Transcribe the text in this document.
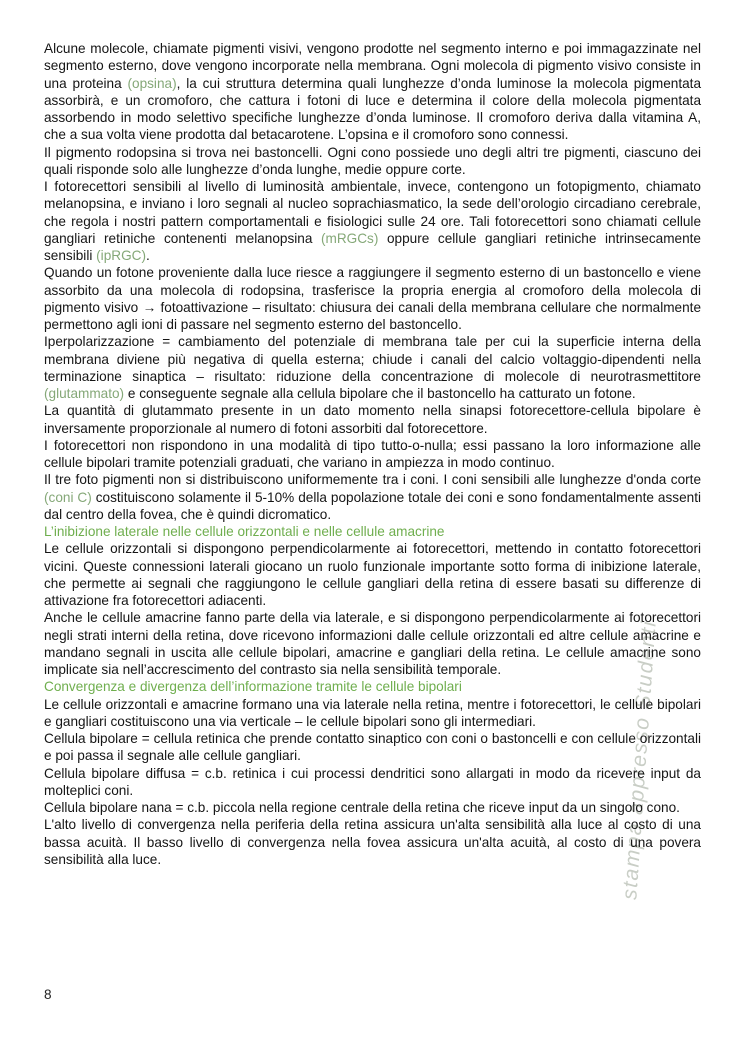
stampa appresso Studenti

Alcune molecole, chiamate pigmenti visivi, vengono prodotte nel segmento interno e poi immagazzinate nel segmento esterno, dove vengono incorporate nella membrana. Ogni molecola di pigmento visivo consiste in una proteina (opsina), la cui struttura determina quali lunghezze d’onda luminose la molecola pigmentata assorbirà, e un cromoforo, che cattura i fotoni di luce e determina il colore della molecola pigmentata assorbendo in modo selettivo specifiche lunghezze d’onda luminose. Il cromoforo deriva dalla vitamina A, che a sua volta viene prodotta dal betacarotene. L’opsina e il cromoforo sono connessi.

Il pigmento rodopsina si trova nei bastoncelli. Ogni cono possiede uno degli altri tre pigmenti, ciascuno dei quali risponde solo alle lunghezze d’onda lunghe, medie oppure corte.

I fotorecettori sensibili al livello di luminosità ambientale, invece, contengono un fotopigmento, chiamato melanopsina, e inviano i loro segnali al nucleo soprachiasmatico, la sede dell’orologio circadiano cerebrale, che regola i nostri pattern comportamentali e fisiologici sulle 24 ore. Tali fotorecettori sono chiamati cellule gangliari retiniche contenenti melanopsina (mRGCs) oppure cellule gangliari retiniche intrinsecamente sensibili (ipRGC).

Quando un fotone proveniente dalla luce riesce a raggiungere il segmento esterno di un bastoncello e viene assorbito da una molecola di rodopsina, trasferisce la propria energia al cromoforo della molecola di pigmento visivo → fotoattivazione – risultato: chiusura dei canali della membrana cellulare che normalmente permettono agli ioni di passare nel segmento esterno del bastoncello.

Iperpolarizzazione = cambiamento del potenziale di membrana tale per cui la superficie interna della membrana diviene più negativa di quella esterna; chiude i canali del calcio voltaggio-dipendenti nella terminazione sinaptica – risultato: riduzione della concentrazione di molecole di neurotrasmettitore (glutammato) e conseguente segnale alla cellula bipolare che il bastoncello ha catturato un fotone.

La quantità di glutammato presente in un dato momento nella sinapsi fotorecettore-cellula bipolare è inversamente proporzionale al numero di fotoni assorbiti dal fotorecettore.

I fotorecettori non rispondono in una modalità di tipo tutto-o-nulla; essi passano la loro informazione alle cellule bipolari tramite potenziali graduati, che variano in ampiezza in modo continuo.

Il tre foto pigmenti non si distribuiscono uniformemente tra i coni. I coni sensibili alle lunghezze d'onda corte (coni C) costituiscono solamente il 5-10% della popolazione totale dei coni e sono fondamentalmente assenti dal centro della fovea, che è quindi dicromatico.

L’inibizione laterale nelle cellule orizzontali e nelle cellule amacrine

Le cellule orizzontali si dispongono perpendicolarmente ai fotorecettori, mettendo in contatto fotorecettori vicini. Queste connessioni laterali giocano un ruolo funzionale importante sotto forma di inibizione laterale, che permette ai segnali che raggiungono le cellule gangliari della retina di essere basati su differenze di attivazione fra fotorecettori adiacenti.

Anche le cellule amacrine fanno parte della via laterale, e si dispongono perpendicolarmente ai fotorecettori negli strati interni della retina, dove ricevono informazioni dalle cellule orizzontali ed altre cellule amacrine e mandano segnali in uscita alle cellule bipolari, amacrine e gangliari della retina. Le cellule amacrine sono implicate sia nell’accrescimento del contrasto sia nella sensibilità temporale.

Convergenza e divergenza dell’informazione tramite le cellule bipolari

Le cellule orizzontali e amacrine formano una via laterale nella retina, mentre i fotorecettori, le cellule bipolari e gangliari costituiscono una via verticale – le cellule bipolari sono gli intermediari.

Cellula bipolare = cellula retinica che prende contatto sinaptico con coni o bastoncelli e con cellule orizzontali e poi passa il segnale alle cellule gangliari.

Cellula bipolare diffusa = c.b. retinica i cui processi dendritici sono allargati in modo da ricevere input da molteplici coni.

Cellula bipolare nana = c.b. piccola nella regione centrale della retina che riceve input da un singolo cono.

L'alto livello di convergenza nella periferia della retina assicura un'alta sensibilità alla luce al costo di una bassa acuità. Il basso livello di convergenza nella fovea assicura un'alta acuità, al costo di una povera sensibilità alla luce.

8
